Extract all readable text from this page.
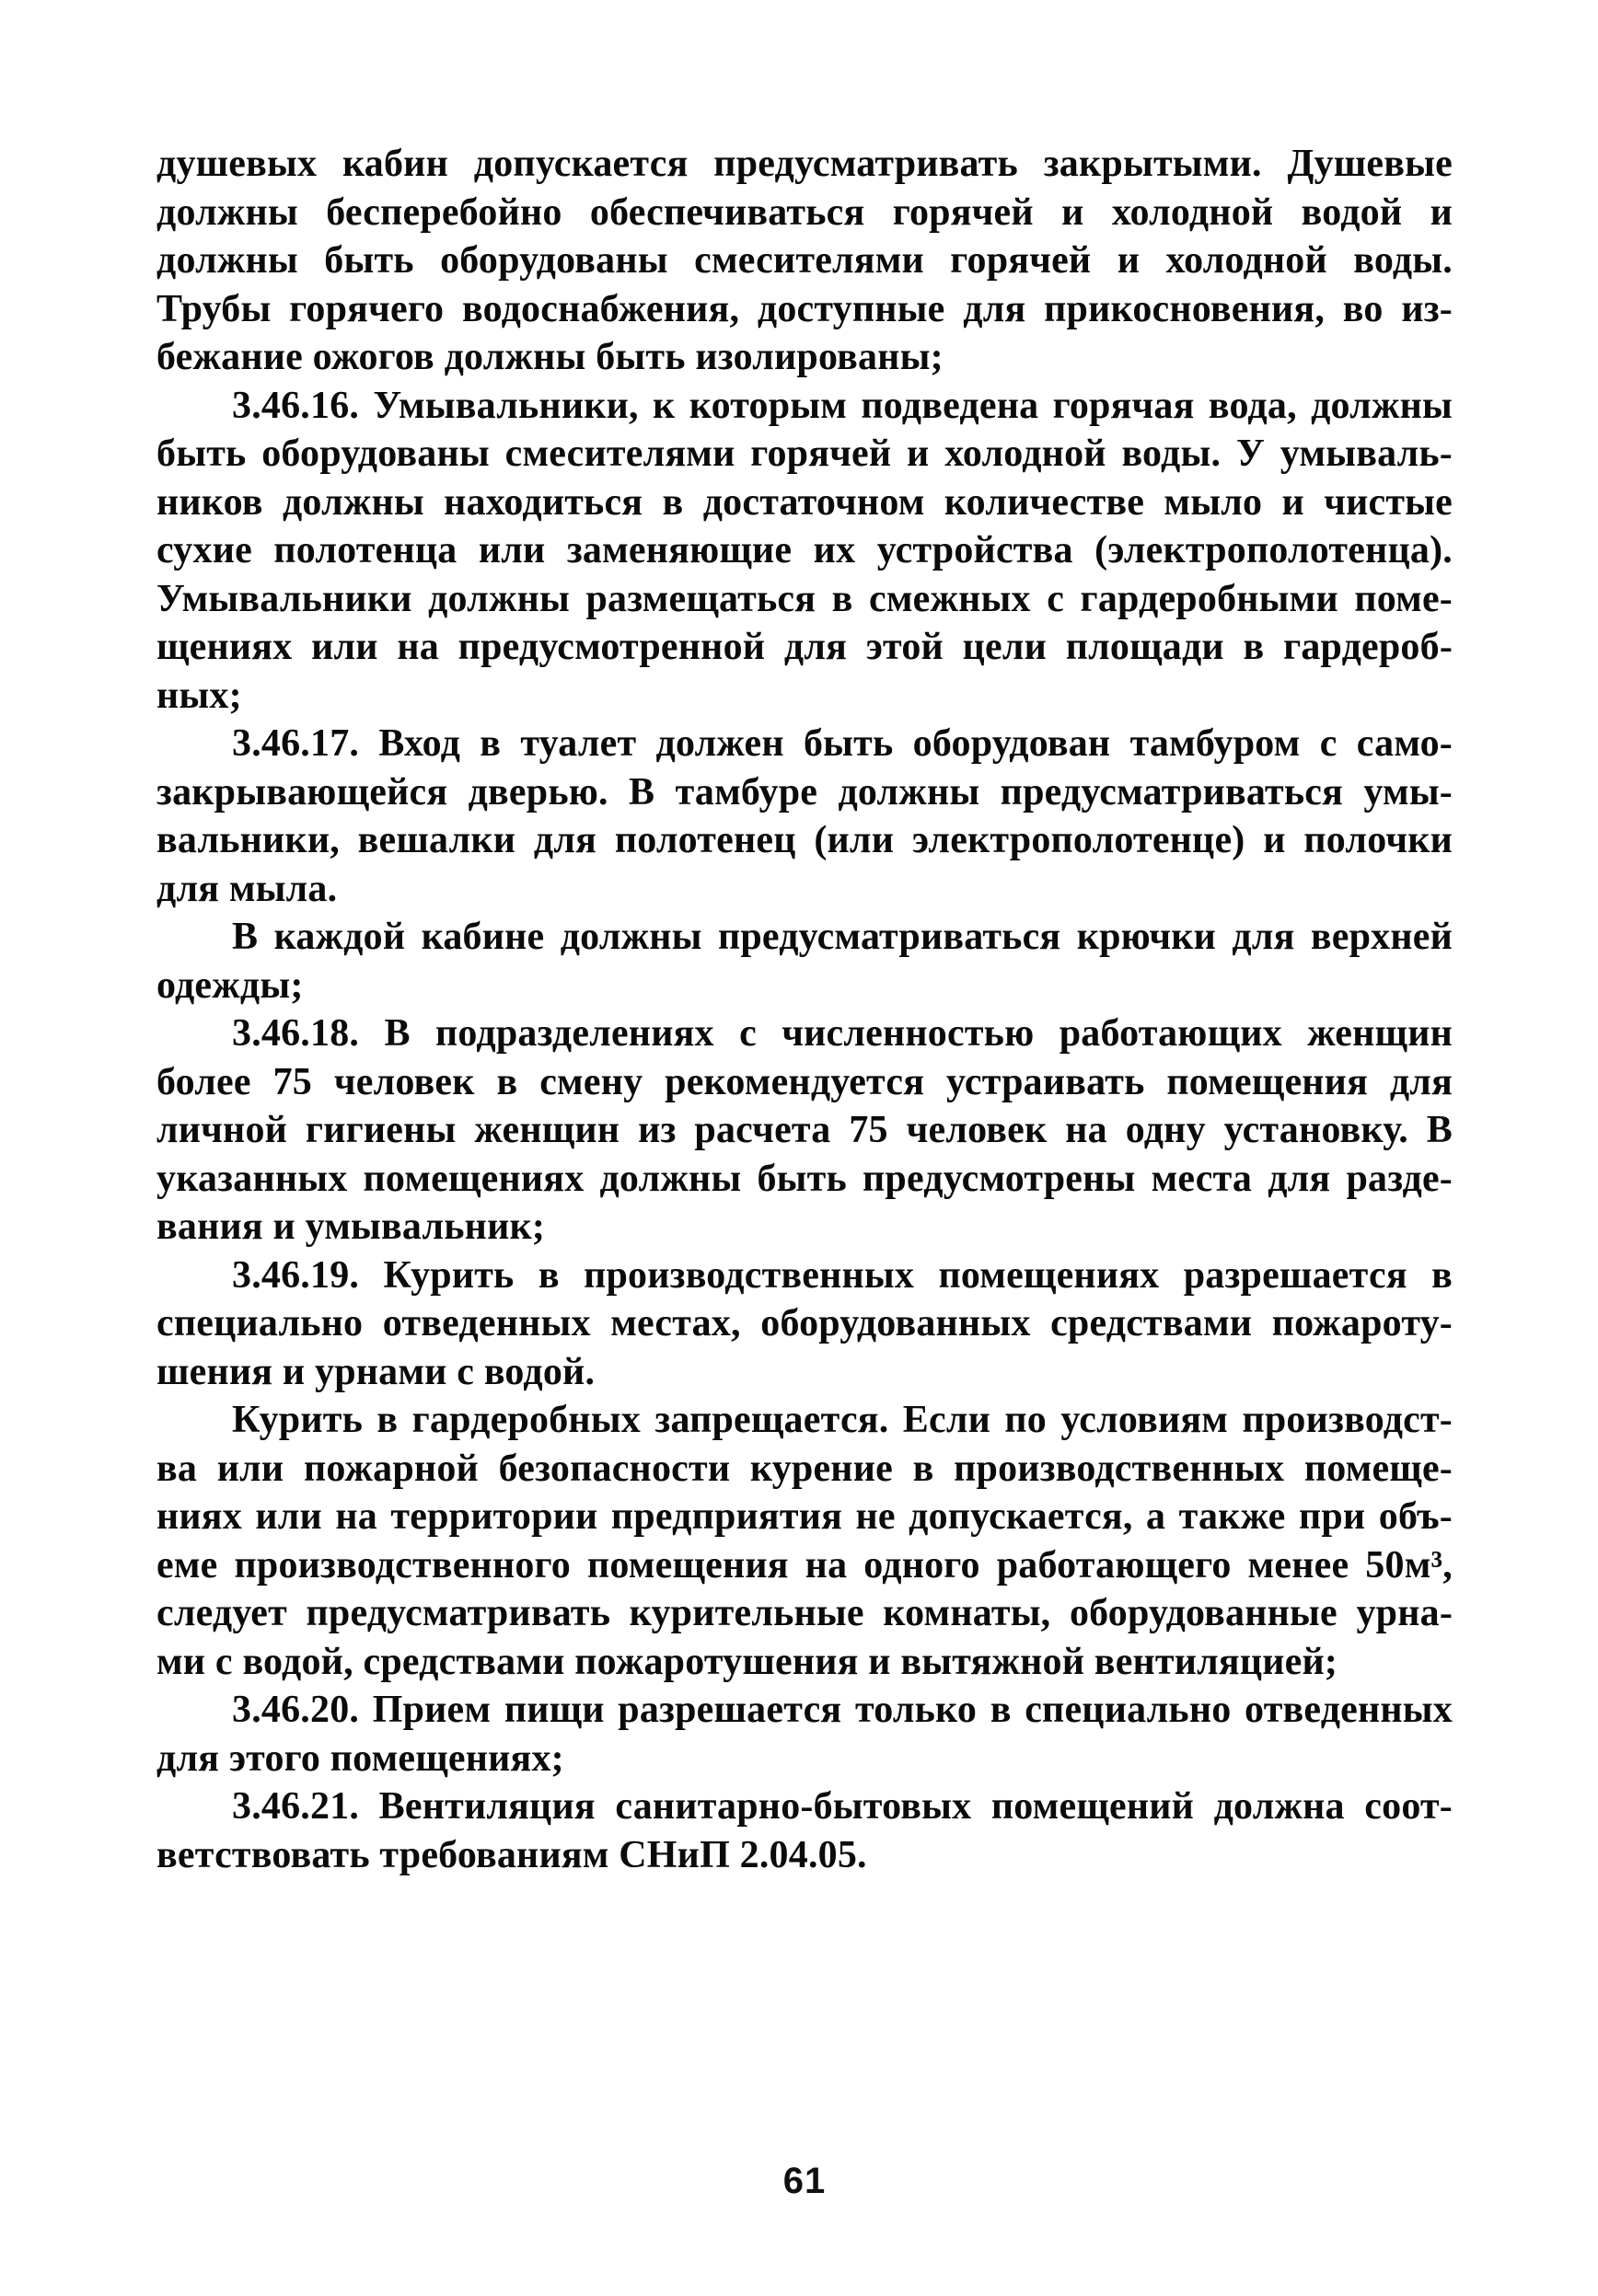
душевых кабин допускается предусматривать закрытыми. Душевые
должны бесперебойно обеспечиваться горячей и холодной водой и
должны быть оборудованы смесителями горячей и холодной воды.
Трубы горячего водоснабжения, доступные для прикосновения, во из-
бежание ожогов должны быть изолированы;
3.46.16. Умывальники, к которым подведена горячая вода, должны
быть оборудованы смесителями горячей и холодной воды. У умываль-
ников должны находиться в достаточном количестве мыло и чистые
сухие полотенца или заменяющие их устройства (электрополотенца).
Умывальники должны размещаться в смежных с гардеробными поме-
щениях или на предусмотренной для этой цели площади в гардероб-
ных;
3.46.17. Вход в туалет должен быть оборудован тамбуром с само-
закрывающейся дверью. В тамбуре должны предусматриваться умы-
вальники, вешалки для полотенец (или электрополотенце) и полочки
для мыла.
В каждой кабине должны предусматриваться крючки для верхней
одежды;
3.46.18. В подразделениях с численностью работающих женщин
более 75 человек в смену рекомендуется устраивать помещения для
личной гигиены женщин из расчета 75 человек на одну установку. В
указанных помещениях должны быть предусмотрены места для разде-
вания и умывальник;
3.46.19. Курить в производственных помещениях разрешается в
специально отведенных местах, оборудованных средствами пожароту-
шения и урнами с водой.
Курить в гардеробных запрещается. Если по условиям производст-
ва или пожарной безопасности курение в производственных помеще-
ниях или на территории предприятия не допускается, а также при объ-
еме производственного помещения на одного работающего менее 50м³,
следует предусматривать курительные комнаты, оборудованные урна-
ми с водой, средствами пожаротушения и вытяжной вентиляцией;
3.46.20. Прием пищи разрешается только в специально отведенных
для этого помещениях;
3.46.21. Вентиляция санитарно-бытовых помещений должна соот-
ветствовать требованиям СНиП 2.04.05.
61
